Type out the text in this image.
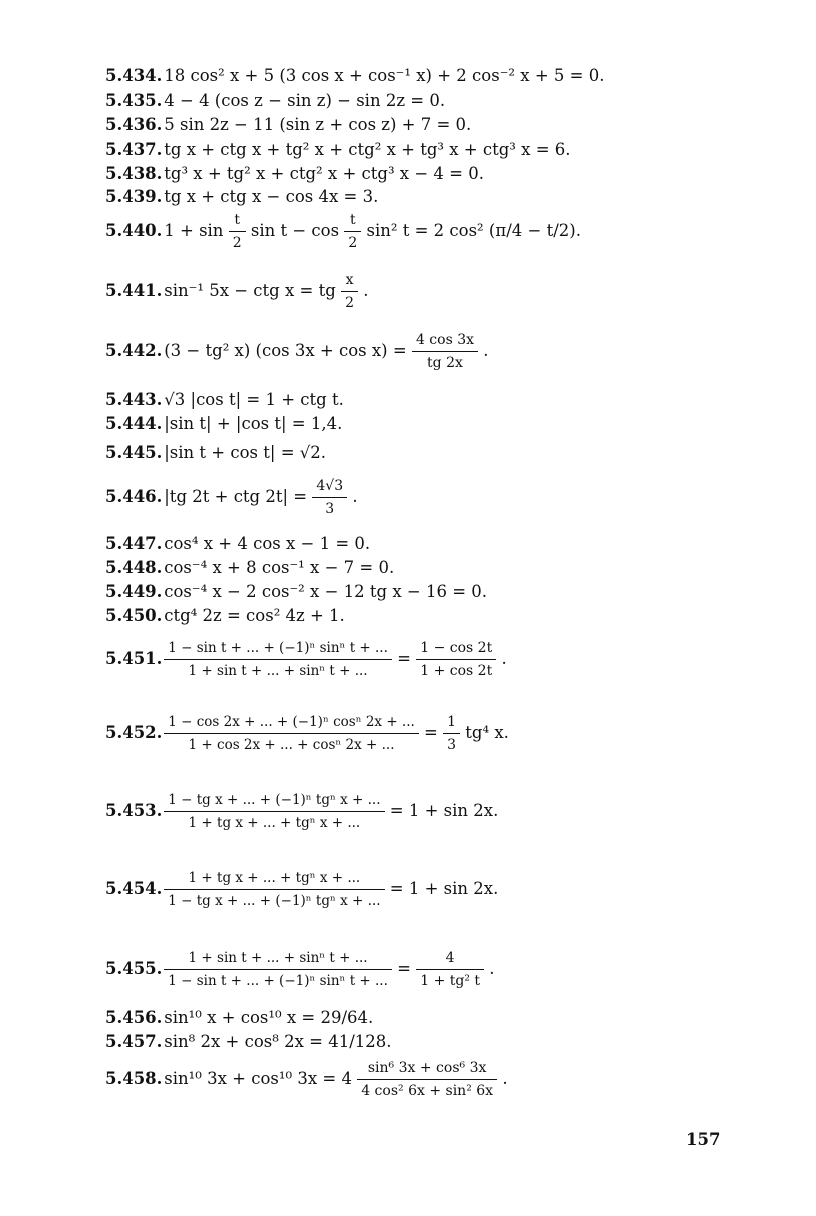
5.434. 18 cos² x + 5 (3 cos x + cos⁻¹ x) + 2 cos⁻² x + 5 = 0.
5.435. 4 − 4 (cos z − sin z) − sin 2z = 0.
5.436. 5 sin 2z − 11 (sin z + cos z) + 7 = 0.
5.437. tg x + ctg x + tg² x + ctg² x + tg³ x + ctg³ x = 6.
5.438. tg³ x + tg² x + ctg² x + ctg³ x − 4 = 0.
5.439. tg x + ctg x − cos 4x = 3.
5.440. $1 + \sin \frac{t}{2}$ $\sin t - \cos \frac{t}{2} \sin^2$ t = 2 cos² (π/4 − t/2).
5.441. sin⁻¹ 5x − ctg x = tg $\frac{x}{2}$ .
5.442. (3 − tg² x) (cos $3x + \cos x) = \frac{4 \cos 3x}{tg 2x}$ .
5.443. √3 |cos t| = 1 + ctg t.
5.444. |sin t| + |cos t| = 1,4.
5.445. |sin t + cos t| = √2.
5.446. |tg 2t + ctg $2t| = \frac{4√3}{3}$ .
5.447. cos⁴ x + 4 cos x − 1 = 0.
5.448. cos⁻⁴ x + 8 cos⁻¹ x − 7 = 0.
5.449. cos⁻⁴ x − 2 cos⁻² x − 12 tg x − 16 = 0.
5.450. ctg⁴ 2z = cos² 4z + 1.
5.451. $\frac{\text{1 − sin t + ... + (−1)ⁿ sinⁿ t + ...}}{\text{1 + sin t + ... + sinⁿ t + ...}} = \frac{1 - \cos 2t}{1 + \cos 2t}$ .
5.452. $\frac{\text{1 − cos 2x + ... + (−1)ⁿ cosⁿ 2x + ...}}{\text{1 + cos 2x + ... + cosⁿ 2x + ...}} = \frac{1}{3} tg^4$ x.
5.453. $\frac{\text{1 − tg x + ... + (−1)ⁿ tgⁿ x + ...}}{\text{1 + tg x + ... + tgⁿ x + ...}} = 1 + \sin 2x$.
5.454. $\frac{\text{1 + tg x + ... + tgⁿ x + ...}}{\text{1 − tg x + ... + (−1)ⁿ tgⁿ x + ...}} = 1 + \sin 2x$.
5.455. $\frac{\text{1 + sin t + ... + sinⁿ t + ...}}{\text{1 − sin t + ... + (−1)ⁿ sinⁿ t + ...}} = \frac{4}{\text{1 + tg² t}}$ .
5.456. sin¹⁰ x + cos¹⁰ x = 29/64.
5.457. sin⁸ 2x + cos⁸ 2x = 41/128.
5.458. sin¹⁰ 3x + cos¹⁰ $3x = 4 \frac{\text{sin⁶ 3x + cos⁶ 3x}}{\text{4 cos² 6x + sin² 6x}}$ .
157
